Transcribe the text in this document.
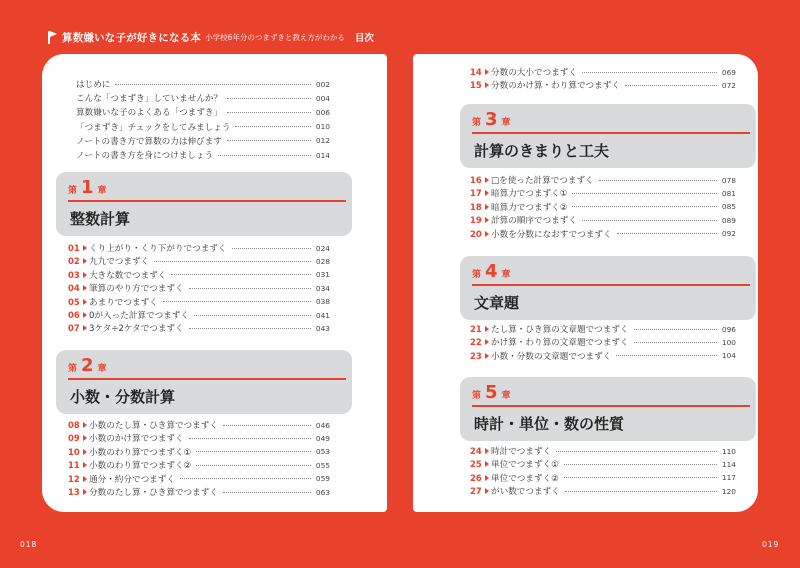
算数嫌いな子が好きになる本 小学校6年分のつまずきと教え方がわかる 目次
018	019
はじめに	002
こんな「つまずき」していませんか？	004
算数嫌いな子のよくある「つまずき」	006
「つまずき」チェックをしてみましょう	010
ノートの書き方で算数の力は伸びます	012
ノートの書き方を身につけましょう	014
第 1 章
整数計算
01	くり上がり・くり下がりでつまずく	024
02	九九でつまずく	028
03	大きな数でつまずく	031
04	筆算のやり方でつまずく	034
05	あまりでつまずく	038
06	0が入った計算でつまずく	041
07	3ケタ÷2ケタでつまずく	043
第 2 章
小数・分数計算
08	小数のたし算・ひき算でつまずく	046
09	小数のかけ算でつまずく	049
10	小数のわり算でつまずく①	053
11	小数のわり算でつまずく②	055
12	通分・約分でつまずく	059
13	分数のたし算・ひき算でつまずく	063
14	分数の大小でつまずく	069
15	分数のかけ算・わり算でつまずく	072
第 3 章
計算のきまりと工夫
16	□を使った計算でつまずく	078
17	暗算力でつまずく①	081
18	暗算力でつまずく②	085
19	計算の順序でつまずく	089
20	小数を分数になおすでつまずく	092
第 4 章
文章題
21	たし算・ひき算の文章題でつまずく	096
22	かけ算・わり算の文章題でつまずく	100
23	小数・分数の文章題でつまずく	104
第 5 章
時計・単位・数の性質
24	時計でつまずく	110
25	単位でつまずく①	114
26	単位でつまずく②	117
27	がい数でつまずく	120
